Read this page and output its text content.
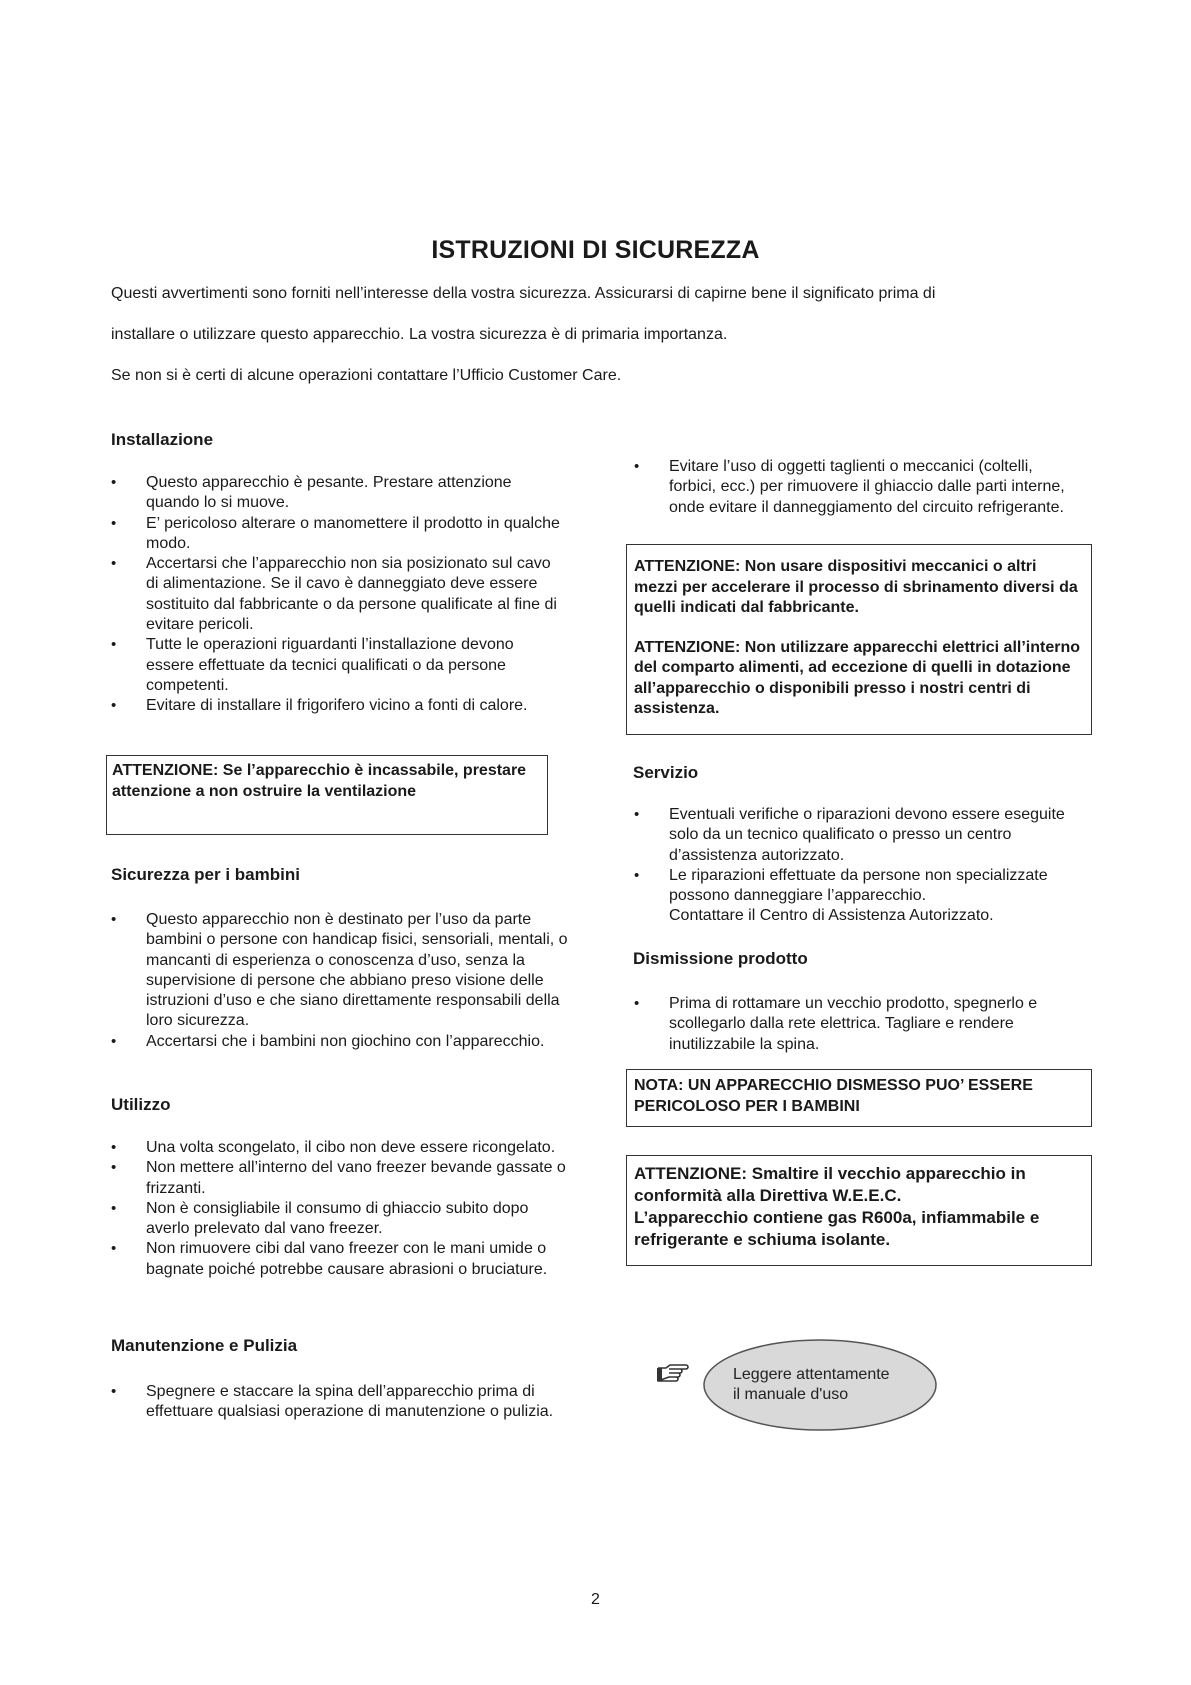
ISTRUZIONI DI SICUREZZA
Questi avvertimenti sono forniti nell’interesse della vostra sicurezza. Assicurarsi di capirne bene il significato prima di
installare o utilizzare questo apparecchio. La vostra sicurezza è di primaria importanza.
Se non si è certi di alcune operazioni contattare l’Ufficio Customer Care.
Installazione
• Questo apparecchio è pesante. Prestare attenzione quando lo si muove.
• E’ pericoloso alterare o manomettere il prodotto in qualche modo.
• Accertarsi che l’apparecchio non sia posizionato sul cavo di alimentazione. Se il cavo è danneggiato deve essere sostituito dal fabbricante o da persone qualificate al fine di evitare pericoli.
• Tutte le operazioni riguardanti l’installazione devono essere effettuate da tecnici qualificati o da persone competenti.
• Evitare di installare il frigorifero vicino a fonti di calore.

ATTENZIONE: Se l’apparecchio è incassabile, prestare attenzione a non ostruire la ventilazione

Sicurezza per i bambini
• Questo apparecchio non è destinato per l’uso da parte bambini o persone con handicap fisici, sensoriali, mentali, o mancanti di esperienza o conoscenza d’uso, senza la supervisione di persone che abbiano preso visione delle istruzioni d’uso e che siano direttamente responsabili della loro sicurezza.
• Accertarsi che i bambini non giochino con l’apparecchio.
Utilizzo
• Una volta scongelato, il cibo non deve essere ricongelato.
• Non mettere all’interno del vano freezer bevande gassate o frizzanti.
• Non è consigliabile il consumo di ghiaccio subito dopo averlo prelevato dal vano freezer.
• Non rimuovere cibi dal vano freezer con le mani umide o bagnate poiché potrebbe causare abrasioni o bruciature.
Manutenzione e Pulizia
• Spegnere e staccare la spina dell’apparecchio prima di effettuare qualsiasi operazione di manutenzione o pulizia.
• Evitare l’uso di oggetti taglienti o meccanici (coltelli, forbici, ecc.) per rimuovere il ghiaccio dalle parti interne, onde evitare il danneggiamento del circuito refrigerante.

ATTENZIONE: Non usare dispositivi meccanici o altri mezzi per accelerare il processo di sbrinamento diversi da quelli indicati dal fabbricante.

ATTENZIONE: Non utilizzare apparecchi elettrici all’interno del comparto alimenti, ad eccezione di quelli in dotazione all’apparecchio o disponibili presso i nostri centri di assistenza.

Servizio
• Eventuali verifiche o riparazioni devono essere eseguite solo da un tecnico qualificato o presso un centro d’assistenza autorizzato.
• Le riparazioni effettuate da persone non specializzate possono danneggiare l’apparecchio.
Contattare il Centro di Assistenza Autorizzato.
Dismissione prodotto
• Prima di rottamare un vecchio prodotto, spegnerlo e scollegarlo dalla rete elettrica. Tagliare e rendere inutilizzabile la spina.

NOTA: UN APPARECCHIO DISMESSO PUO’ ESSERE PERICOLOSO PER I BAMBINI

ATTENZIONE: Smaltire il vecchio apparecchio in conformità alla Direttiva W.E.E.C.

L’apparecchio contiene gas R600a, infiammabile e refrigerante e schiuma isolante.

Leggere attentamente
il manuale d'uso
2
